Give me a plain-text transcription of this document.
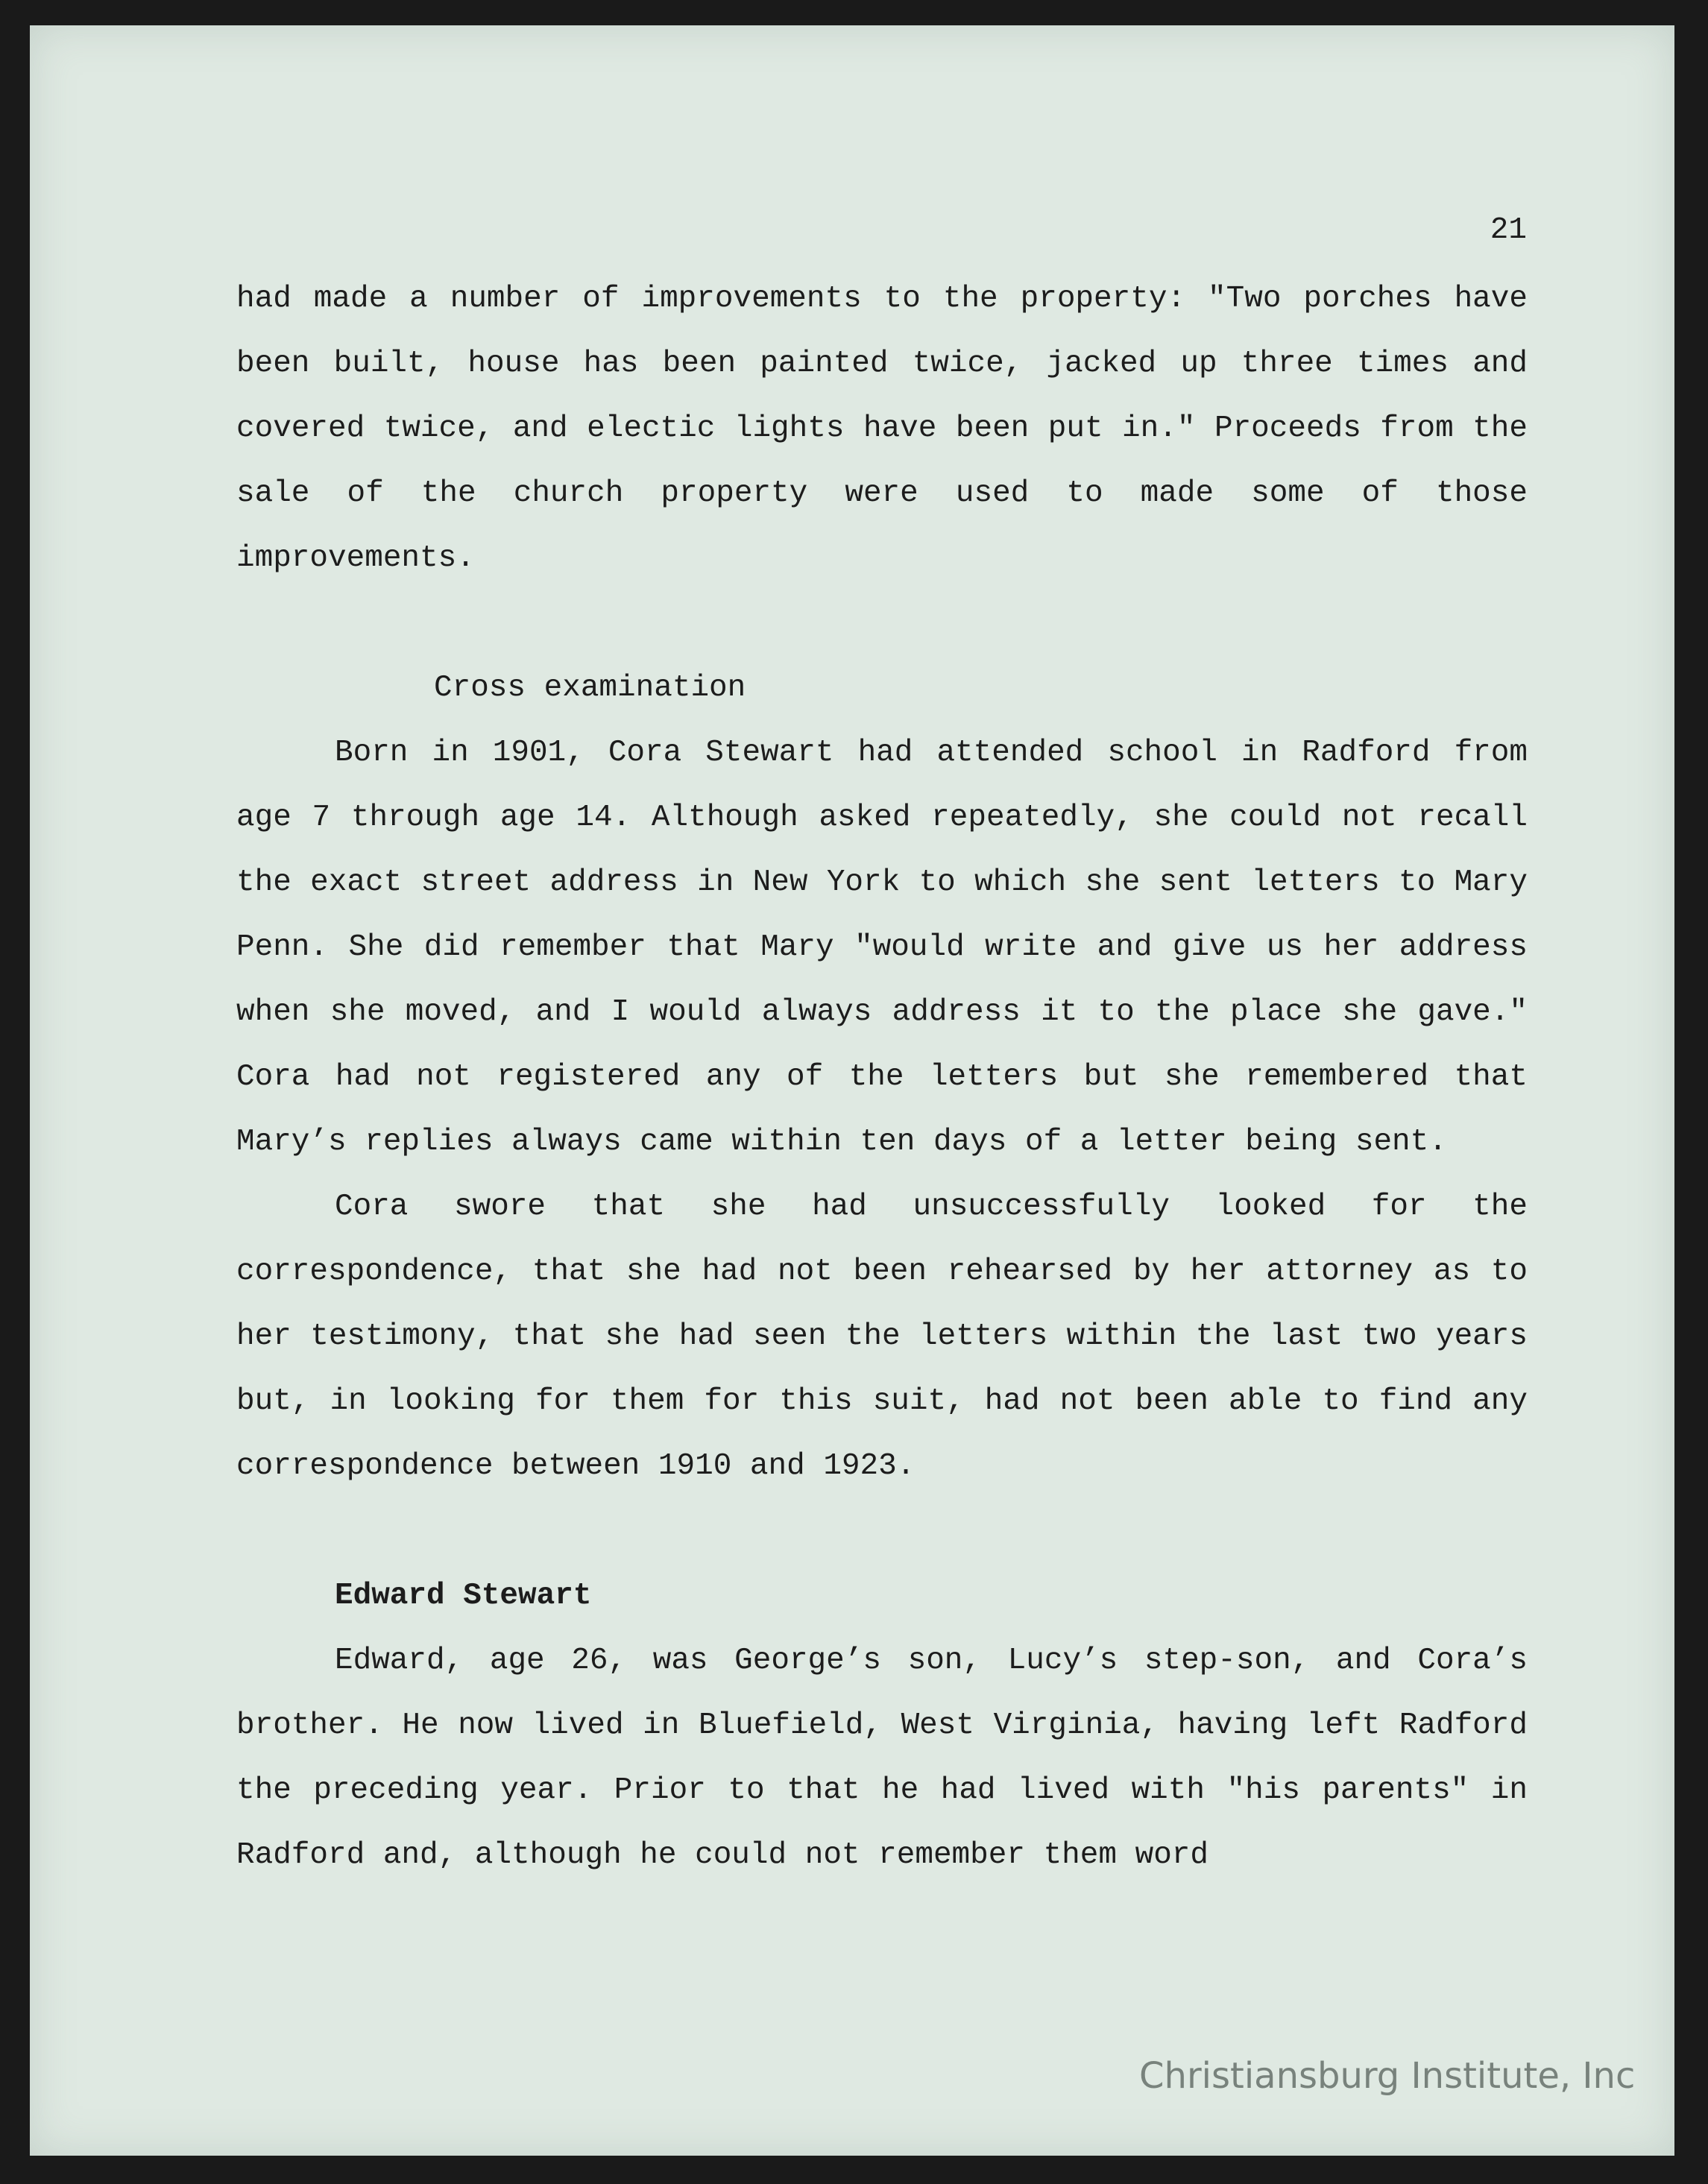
21

had made a number of improvements to the property: "Two porches have been built, house has been painted twice, jacked up three times and covered twice, and electic lights have been put in." Proceeds from the sale of the church property were used to made some of those improvements.

Cross examination

Born in 1901, Cora Stewart had attended school in Radford from age 7 through age 14. Although asked repeatedly, she could not recall the exact street address in New York to which she sent letters to Mary Penn. She did remember that Mary "would write and give us her address when she moved, and I would always address it to the place she gave." Cora had not registered any of the letters but she remembered that Mary’s replies always came within ten days of a letter being sent.

Cora swore that she had unsuccessfully looked for the correspondence, that she had not been rehearsed by her attorney as to her testimony, that she had seen the letters within the last two years but, in looking for them for this suit, had not been able to find any correspondence between 1910 and 1923.

Edward Stewart

Edward, age 26, was George’s son, Lucy’s step-son, and Cora’s brother. He now lived in Bluefield, West Virginia, having left Radford the preceding year. Prior to that he had lived with "his parents" in Radford and, although he could not remember them word

Christiansburg Institute, Inc
